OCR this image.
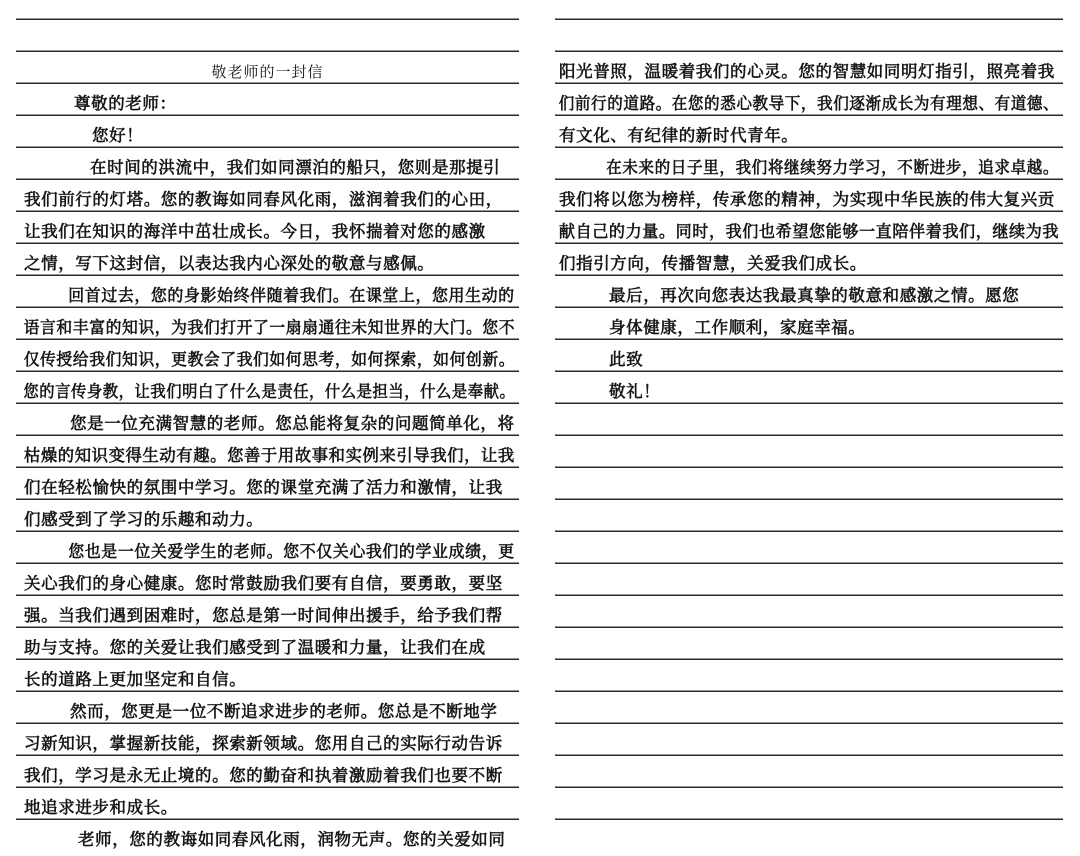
敬老师的一封信
尊敬的老师：
您好！
在时间的洪流中，我们如同漂泊的船只，您则是那提引
我们前行的灯塔。您的教诲如同春风化雨，滋润着我们的心田，
让我们在知识的海洋中茁壮成长。今日，我怀揣着对您的感激
之情，写下这封信，以表达我内心深处的敬意与感佩。
回首过去，您的身影始终伴随着我们。在课堂上，您用生动的
语言和丰富的知识，为我们打开了一扇扇通往未知世界的大门。您不
仅传授给我们知识，更教会了我们如何思考，如何探索，如何创新。
您的言传身教，让我们明白了什么是责任，什么是担当，什么是奉献。
您是一位充满智慧的老师。您总能将复杂的问题简单化，将
枯燥的知识变得生动有趣。您善于用故事和实例来引导我们，让我
们在轻松愉快的氛围中学习。您的课堂充满了活力和激情，让我
们感受到了学习的乐趣和动力。
您也是一位关爱学生的老师。您不仅关心我们的学业成绩，更
关心我们的身心健康。您时常鼓励我们要有自信，要勇敢，要坚
强。当我们遇到困难时，您总是第一时间伸出援手，给予我们帮
助与支持。您的关爱让我们感受到了温暖和力量，让我们在成
长的道路上更加坚定和自信。
然而，您更是一位不断追求进步的老师。您总是不断地学
习新知识，掌握新技能，探索新领域。您用自己的实际行动告诉
我们，学习是永无止境的。您的勤奋和执着激励着我们也要不断
地追求进步和成长。
老师，您的教诲如同春风化雨，润物无声。您的关爱如同
阳光普照，温暖着我们的心灵。您的智慧如同明灯指引，照亮着我
们前行的道路。在您的悉心教导下，我们逐渐成长为有理想、有道德、
有文化、有纪律的新时代青年。
在未来的日子里，我们将继续努力学习，不断进步，追求卓越。
我们将以您为榜样，传承您的精神，为实现中华民族的伟大复兴贡
献自己的力量。同时，我们也希望您能够一直陪伴着我们，继续为我
们指引方向，传播智慧，关爱我们成长。
最后，再次向您表达我最真挚的敬意和感激之情。愿您
身体健康，工作顺利，家庭幸福。
此致
敬礼！
